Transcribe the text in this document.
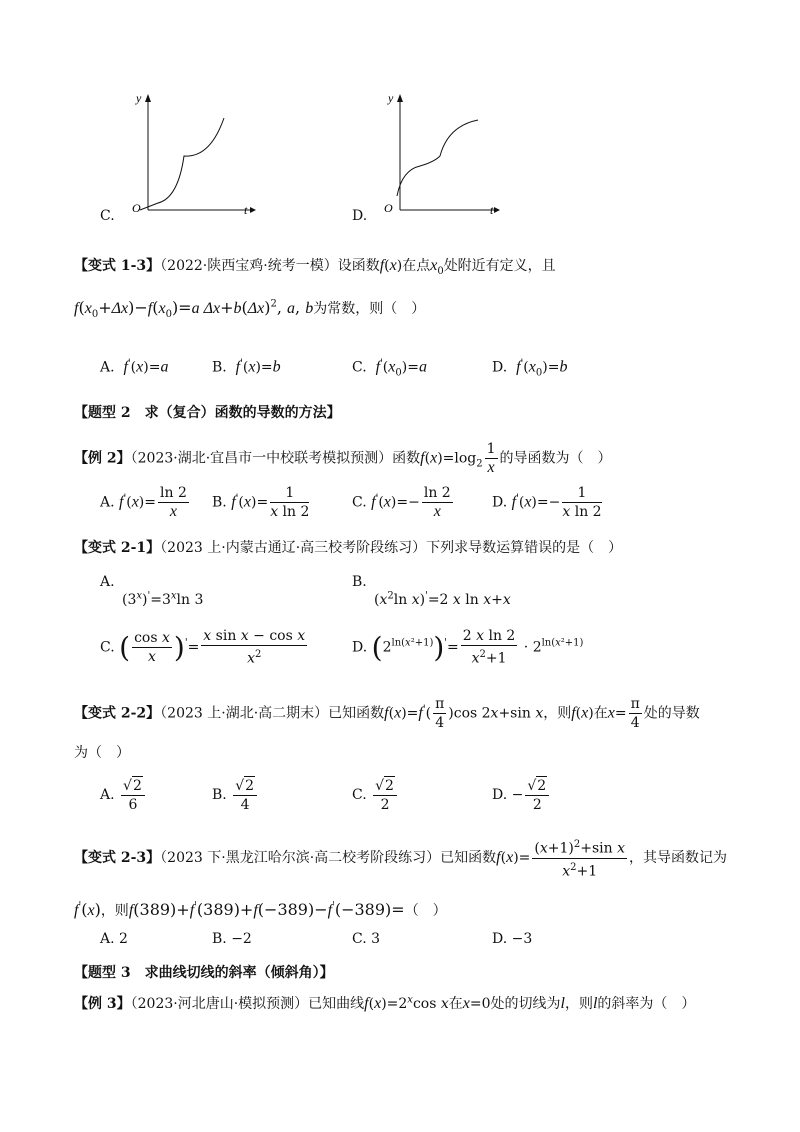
C.
y
t
O	D.
y
t
O
【变式 1-3】（2022·陕西宝鸡·统考一模）设函数f(x)在点$x_0$处附近有定义，且
$f(x_0+\Delta x)-f(x_0)=a$ $\Delta x+b(\Delta x)^2$, a, b为常数，则（　）
A. f'(x)=a	B. f'(x)=b	C. $f'(x_0)=a$	D. $f'(x_0)=b$
【题型 2　求（复合）函数的导数的方法】
【例 2】（2023·湖北·宜昌市一中校联考模拟预测）函数$f(x)=\log_2 \frac{1}{x}$ 的导函数为（　）
A. $f'(x)= \frac{\ln 2}{x} B$. $f'(x)= \frac{1}{\text{x ln 2}}$	C. $f'(x)=- \frac{\ln 2}{x}$	D. $f'(x)=- \frac{1}{\text{x ln 2}}$
【变式 2-1】（2023 上·内蒙古通辽·高三校考阶段练习）下列求导数运算错误的是（　）
A.
$(3^x)'=3^x\ln$ 3
B.
($x^2\ln$ x)'=2 x ln x+x
C. ( $\frac{\text{cos x}}{x} )'= \frac{\text{x sin x − cos x}}{x^2}$	D. $(2^{ln(x^2+1)})'= \frac{\text{2 x ln 2}}{x^2+1} \cdot 2^{ln(x^2+1)}$
【变式 2-2】（2023 上·湖北·高二期末）已知函数$f(x)=f'( \frac{\pi}{4} )\cos$ 2x+sin x，则f(x)在$x= \frac{\pi}{4}$ 处的导数
为（　）
A. $\frac{√2}{6}$	B. $\frac{√2}{4}$	C. $\frac{√2}{2}$	D. − $\frac{√2}{2}$
【变式 2-3】（2023 下·黑龙江哈尔滨·高二校考阶段练习）已知函数$f(x)= \frac{(x+1)^2+\sin x}{x^2+1}$ ，其导函数记为
f'(x)，则f(389)+f'(389)+f(−389)−f'(−389)=（　）
A. 2	B. −2	C. 3	D. −3
【题型 3　求曲线切线的斜率（倾斜角）】
【例 3】（2023·河北唐山·模拟预测）已知曲线$f(x)=2^x\cos$ x在x=0处的切线为l，则l的斜率为（　）
